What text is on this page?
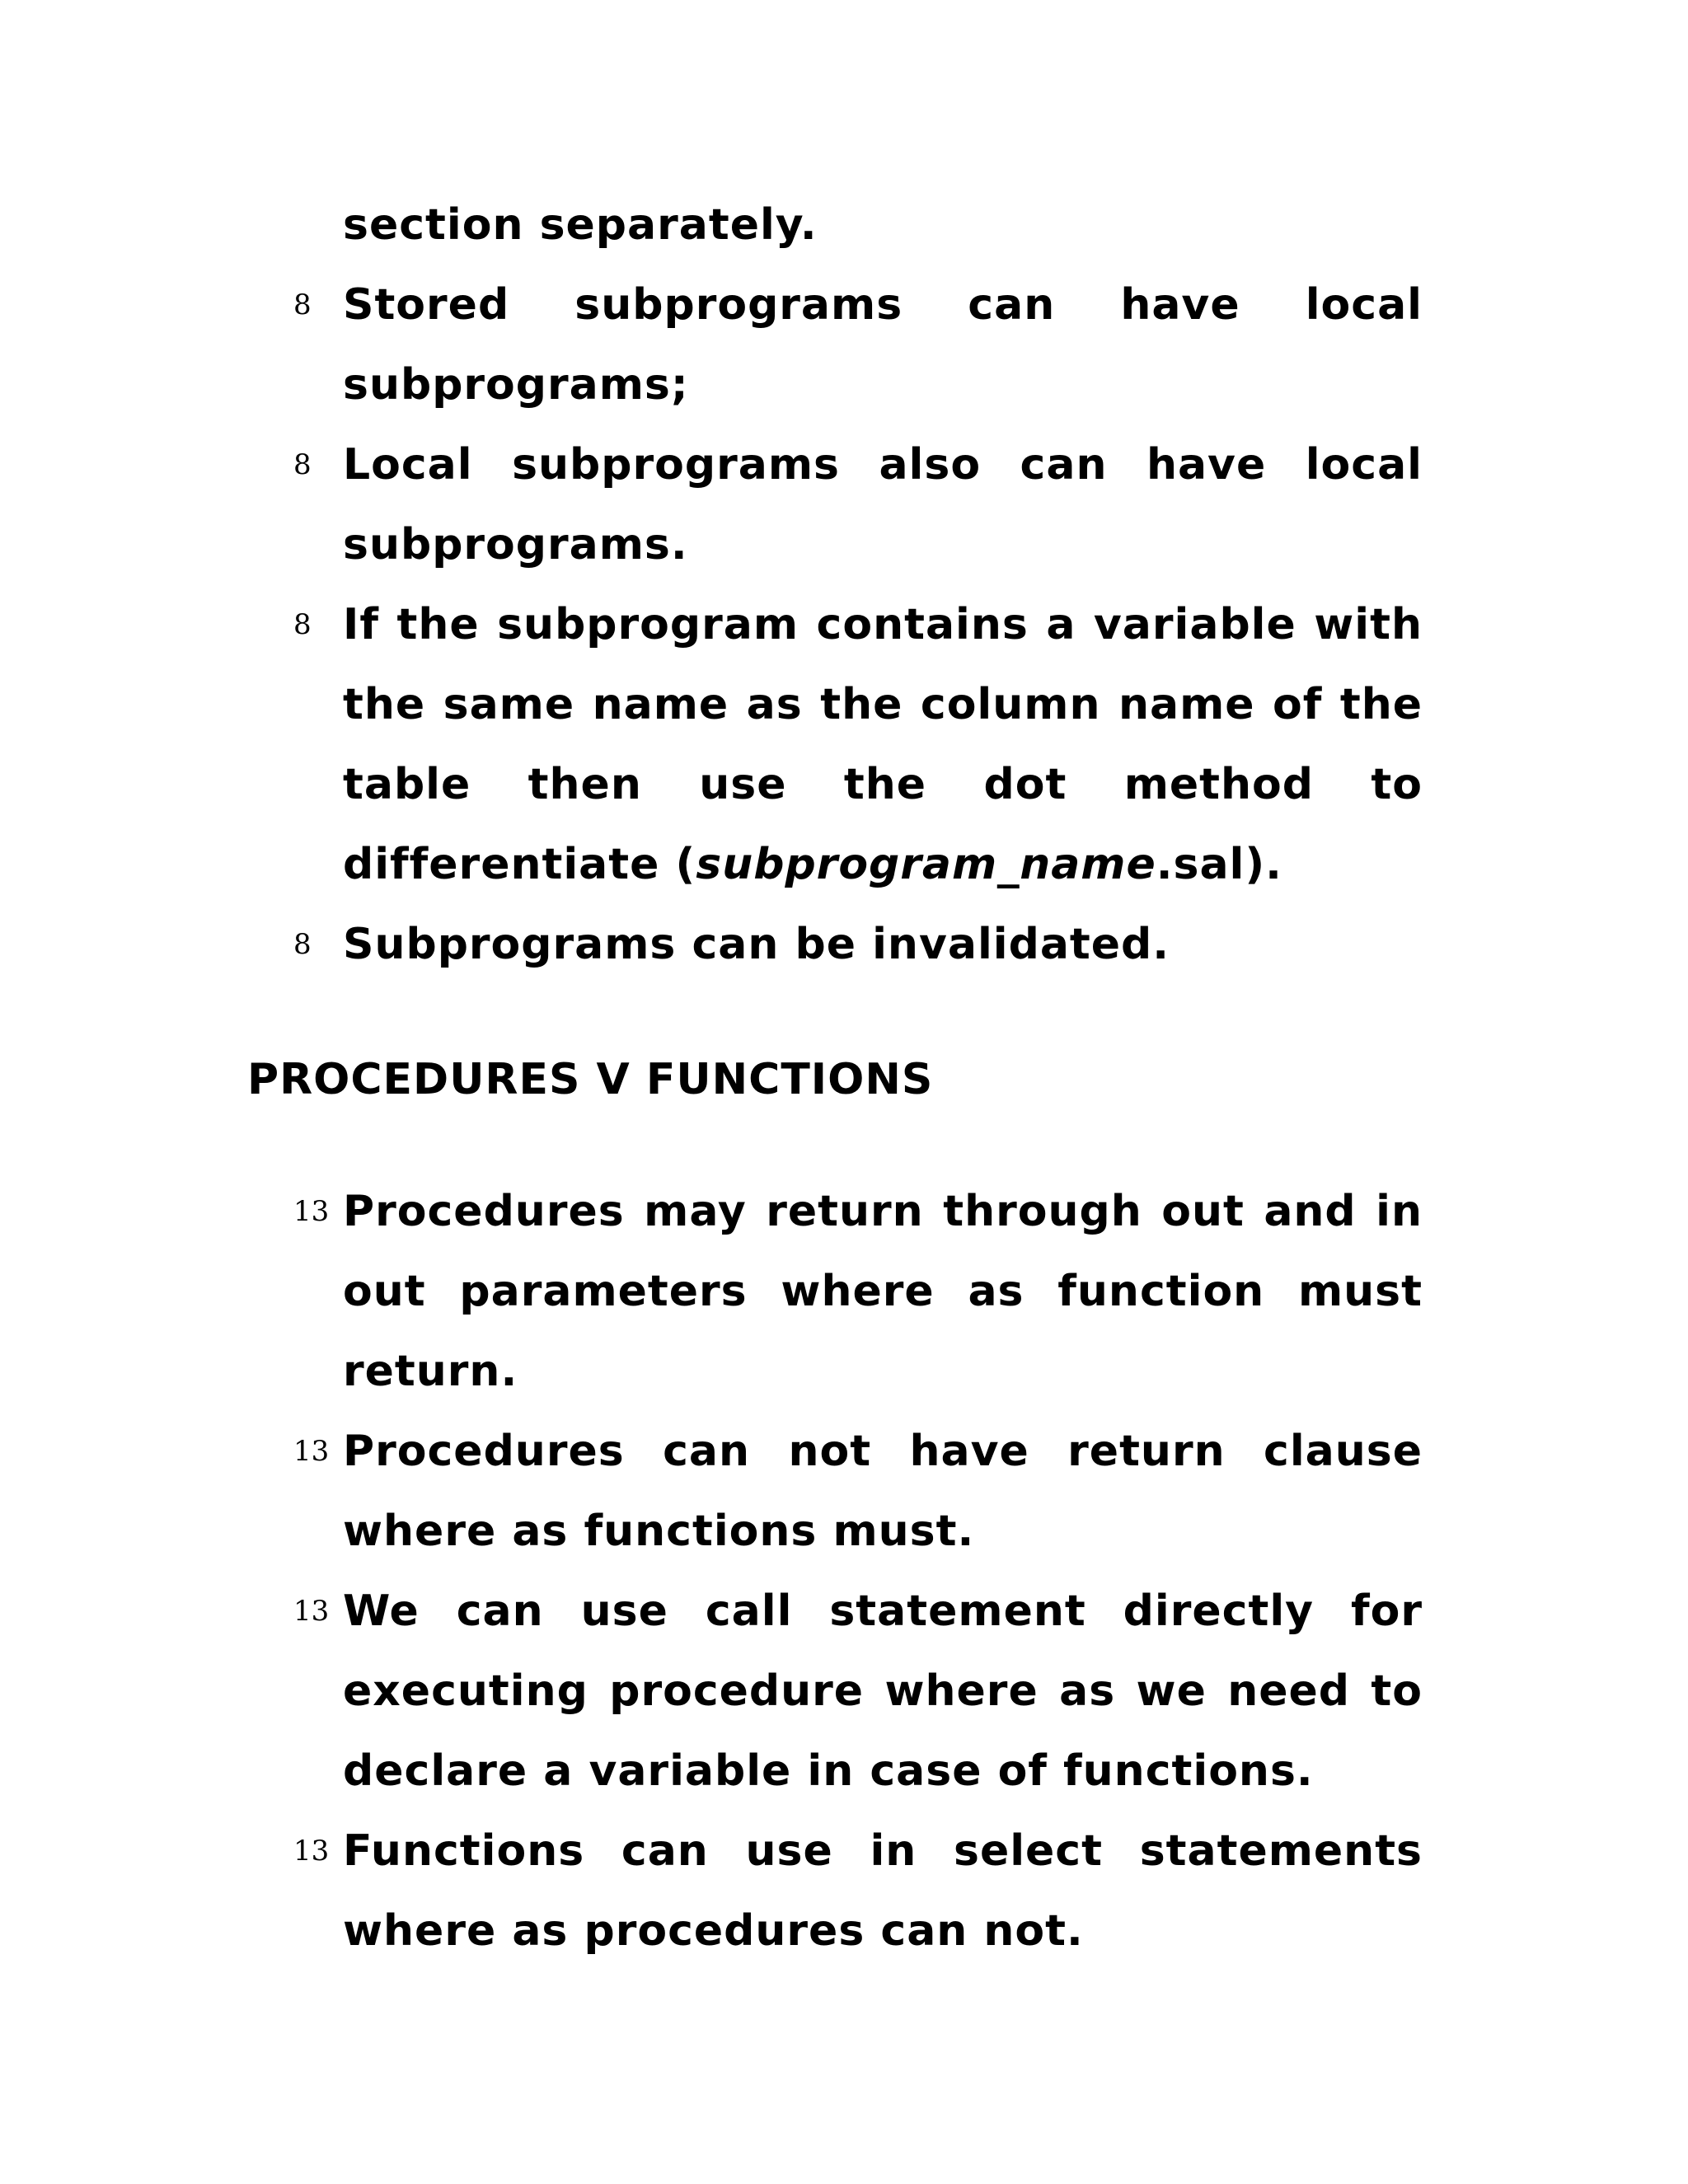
section separately.
8 Stored subprograms can have local subprograms;
8 Local subprograms also can have local subprograms.
8 If the subprogram contains a variable with the same name as the column name of the table then use the dot method to differentiate (subprogram_name.sal).
8 Subprograms can be invalidated.
PROCEDURES V FUNCTIONS
13 Procedures may return through out and in out parameters where as function must return.
13 Procedures can not have return clause where as functions must.
13 We can use call statement directly for executing procedure where as we need to declare a variable in case of functions.
13 Functions can use in select statements where as procedures can not.
